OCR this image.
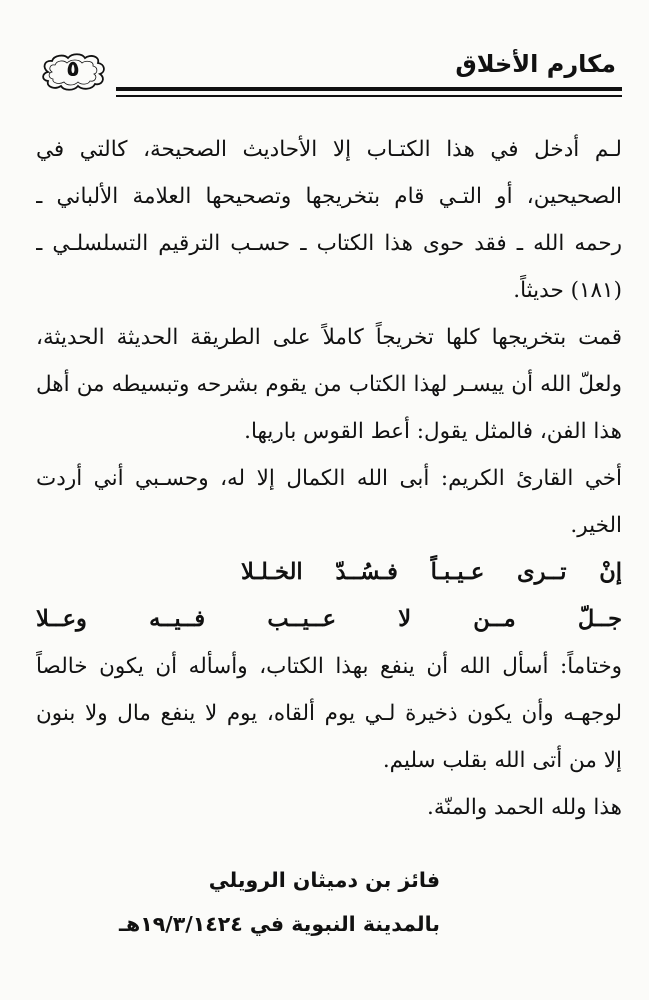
٥	مكارم الأخلاق
لـم أدخل في هذا الكتـاب إلا الأحاديث الصحيحة، كالتي في
الصحيحين، أو التـي قام بتخريجها وتصحيحها العلامة الألباني ـ
رحمه الله ـ فقد حوى هذا الكتاب ـ حسـب الترقيم التسلسلـي ـ
(١٨١) حديثاً.
قمت بتخريجها كلها تخريجاً كاملاً على الطريقة الحديثة الحديثة،
ولعلّ الله أن ييسـر لهذا الكتاب من يقوم بشرحه وتبسيطه من أهل
هذا الفن، فالمثل يقول: أعط القوس باريها.
أخي القارئ الكريم: أبى الله الكمال إلا له، وحسـبي أني أردت
الخير.
إنْ تــرى عـيـبـاً فـسُــدّ الخـلـلا
جــلّ مــن لا عــيــب فــيــه وعــلا
وختاماً: أسأل الله أن ينفع بهذا الكتاب، وأسأله أن يكون خالصاً
لوجهـه وأن يكون ذخيرة لـي يوم ألقاه، يوم لا ينفع مال ولا بنون
إلا من أتى الله بقلب سليم.
هذا ولله الحمد والمنّة.
فائز بن دميثان الرويلي
بالمدينة النبوية في ١٩/٣/١٤٢٤هـ
